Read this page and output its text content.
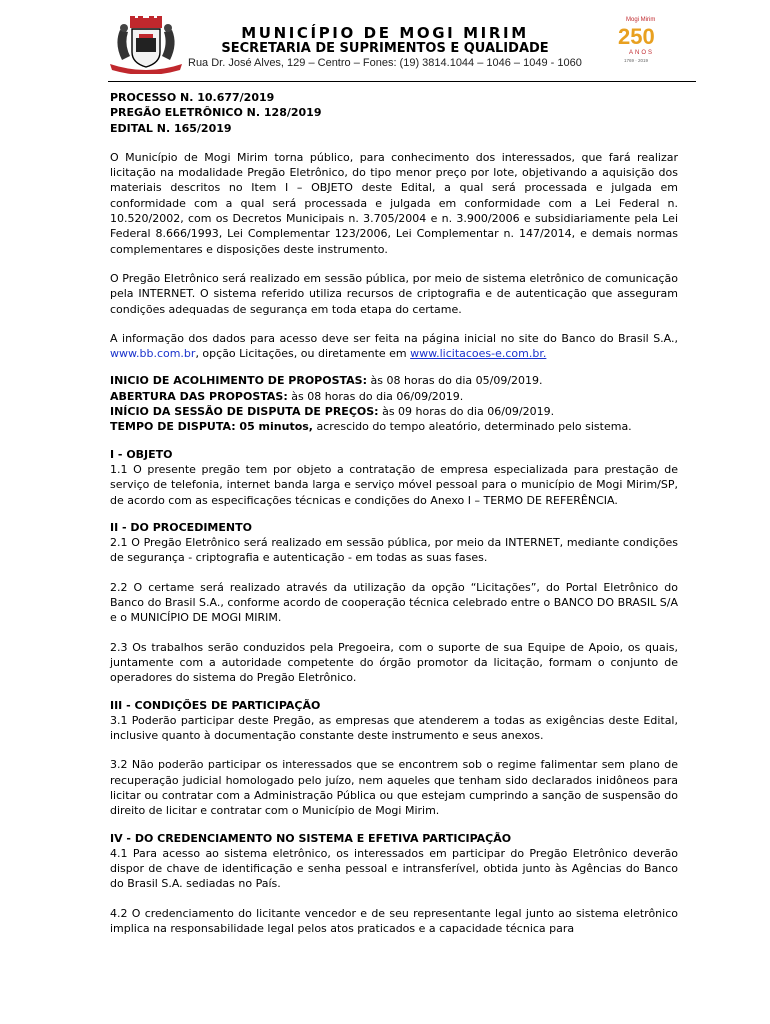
MUNICÍPIO DE MOGI MIRIM
SECRETARIA DE SUPRIMENTOS E QUALIDADE
Rua Dr. José Alves, 129 – Centro – Fones: (19) 3814.1044 – 1046 – 1049 - 1060
Mogi Mirim
250
ANOS
1769 · 2019

PROCESSO N. 10.677/2019

PREGÃO ELETRÔNICO N. 128/2019

EDITAL N. 165/2019

O Município de Mogi Mirim torna público, para conhecimento dos interessados, que fará realizar licitação na modalidade Pregão Eletrônico, do tipo menor preço por lote, objetivando a aquisição dos materiais descritos no Item I – OBJETO deste Edital, a qual será processada e julgada em conformidade com a qual será processada e julgada em conformidade com a Lei Federal n. 10.520/2002, com os Decretos Municipais n. 3.705/2004 e n. 3.900/2006 e subsidiariamente pela Lei Federal 8.666/1993, Lei Complementar 123/2006, Lei Complementar n. 147/2014, e demais normas complementares e disposições deste instrumento.

O Pregão Eletrônico será realizado em sessão pública, por meio de sistema eletrônico de comunicação pela INTERNET. O sistema referido utiliza recursos de criptografia e de autenticação que asseguram condições adequadas de segurança em toda etapa do certame.

A informação dos dados para acesso deve ser feita na página inicial no site do Banco do Brasil S.A., www.bb.com.br, opção Licitações, ou diretamente em www.licitacoes-e.com.br.

INICIO DE ACOLHIMENTO DE PROPOSTAS: às 08 horas do dia 05/09/2019.

ABERTURA DAS PROPOSTAS: às 08 horas do dia 06/09/2019.

INÍCIO DA SESSÃO DE DISPUTA DE PREÇOS: às 09 horas do dia 06/09/2019.

TEMPO DE DISPUTA: 05 minutos, acrescido do tempo aleatório, determinado pelo sistema.

I - OBJETO

1.1 O presente pregão tem por objeto a contratação de empresa especializada para prestação de serviço de telefonia, internet banda larga e serviço móvel pessoal para o município de Mogi Mirim/SP, de acordo com as especificações técnicas e condições do Anexo I – TERMO DE REFERÊNCIA.

II - DO PROCEDIMENTO

2.1 O Pregão Eletrônico será realizado em sessão pública, por meio da INTERNET, mediante condições de segurança - criptografia e autenticação - em todas as suas fases.

2.2 O certame será realizado através da utilização da opção “Licitações”, do Portal Eletrônico do Banco do Brasil S.A., conforme acordo de cooperação técnica celebrado entre o BANCO DO BRASIL S/A e o MUNICÍPIO DE MOGI MIRIM.

2.3 Os trabalhos serão conduzidos pela Pregoeira, com o suporte de sua Equipe de Apoio, os quais, juntamente com a autoridade competente do órgão promotor da licitação, formam o conjunto de operadores do sistema do Pregão Eletrônico.

III - CONDIÇÕES DE PARTICIPAÇÃO

3.1 Poderão participar deste Pregão, as empresas que atenderem a todas as exigências deste Edital, inclusive quanto à documentação constante deste instrumento e seus anexos.

3.2 Não poderão participar os interessados que se encontrem sob o regime falimentar sem plano de recuperação judicial homologado pelo juízo, nem aqueles que tenham sido declarados inidôneos para licitar ou contratar com a Administração Pública ou que estejam cumprindo a sanção de suspensão do direito de licitar e contratar com o Município de Mogi Mirim.

IV - DO CREDENCIAMENTO NO SISTEMA E EFETIVA PARTICIPAÇÃO

4.1 Para acesso ao sistema eletrônico, os interessados em participar do Pregão Eletrônico deverão dispor de chave de identificação e senha pessoal e intransferível, obtida junto às Agências do Banco do Brasil S.A. sediadas no País.

4.2 O credenciamento do licitante vencedor e de seu representante legal junto ao sistema eletrônico implica na responsabilidade legal pelos atos praticados e a capacidade técnica para
